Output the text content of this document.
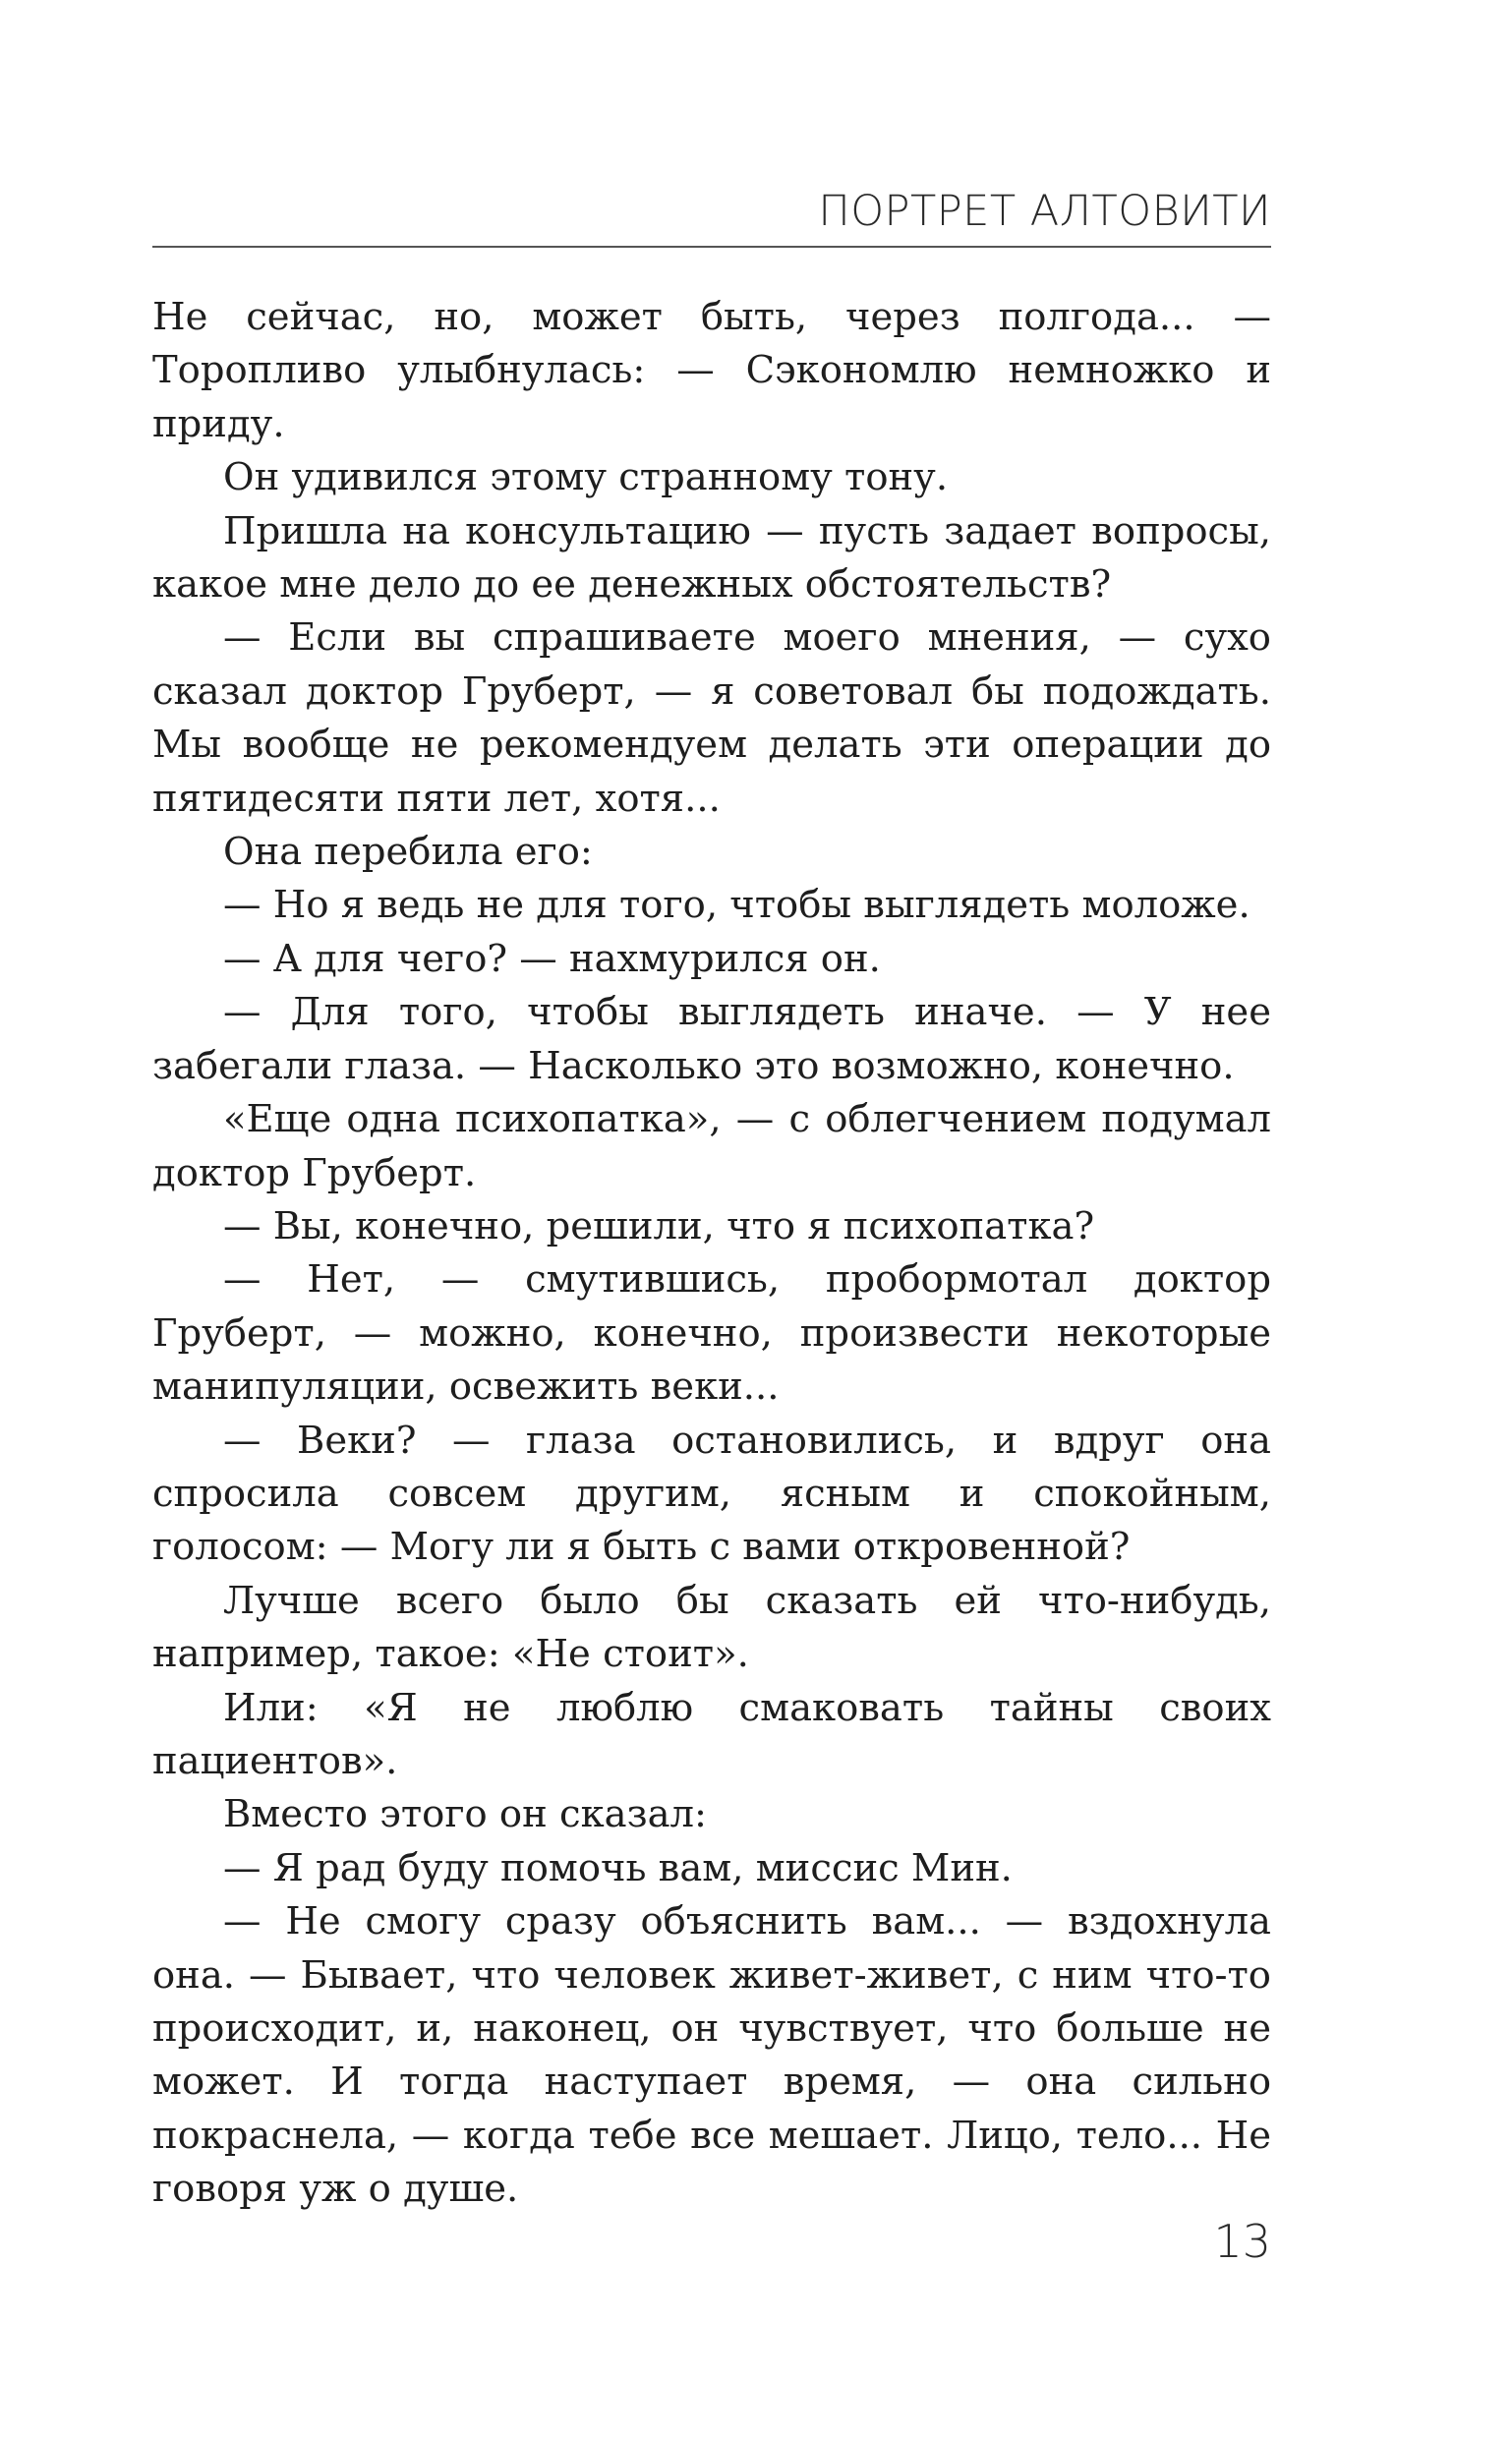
ПОРТРЕТ АЛТОВИТИ

Не сейчас, но, может быть, через полгода... — Торопливо улыбнулась: — Сэкономлю немножко и приду.

Он удивился этому странному тону.

Пришла на консультацию — пусть задает вопросы, какое мне дело до ее денежных обстоятельств?

— Если вы спрашиваете моего мнения, — сухо сказал доктор Груберт, — я советовал бы подождать. Мы вообще не рекомендуем делать эти операции до пятидесяти пяти лет, хотя...

Она перебила его:

— Но я ведь не для того, чтобы выглядеть моложе.

— А для чего? — нахмурился он.

— Для того, чтобы выглядеть иначе. — У нее забегали глаза. — Насколько это возможно, конечно.

«Еще одна психопатка», — с облегчением подумал доктор Груберт.

— Вы, конечно, решили, что я психопатка?

— Нет, — смутившись, пробормотал доктор Груберт, — можно, конечно, произвести некоторые манипуляции, освежить веки...

— Веки? — глаза остановились, и вдруг она спросила совсем другим, ясным и спокойным, голосом: — Могу ли я быть с вами откровенной?

Лучше всего было бы сказать ей что-нибудь, например, такое: «Не стоит».

Или: «Я не люблю смаковать тайны своих пациентов».

Вместо этого он сказал:

— Я рад буду помочь вам, миссис Мин.

— Не смогу сразу объяснить вам... — вздохнула она. — Бывает, что человек живет-живет, с ним что-то происходит, и, наконец, он чувствует, что больше не может. И тогда наступает время, — она сильно покраснела, — когда тебе все мешает. Лицо, тело... Не говоря уж о душе.

13
